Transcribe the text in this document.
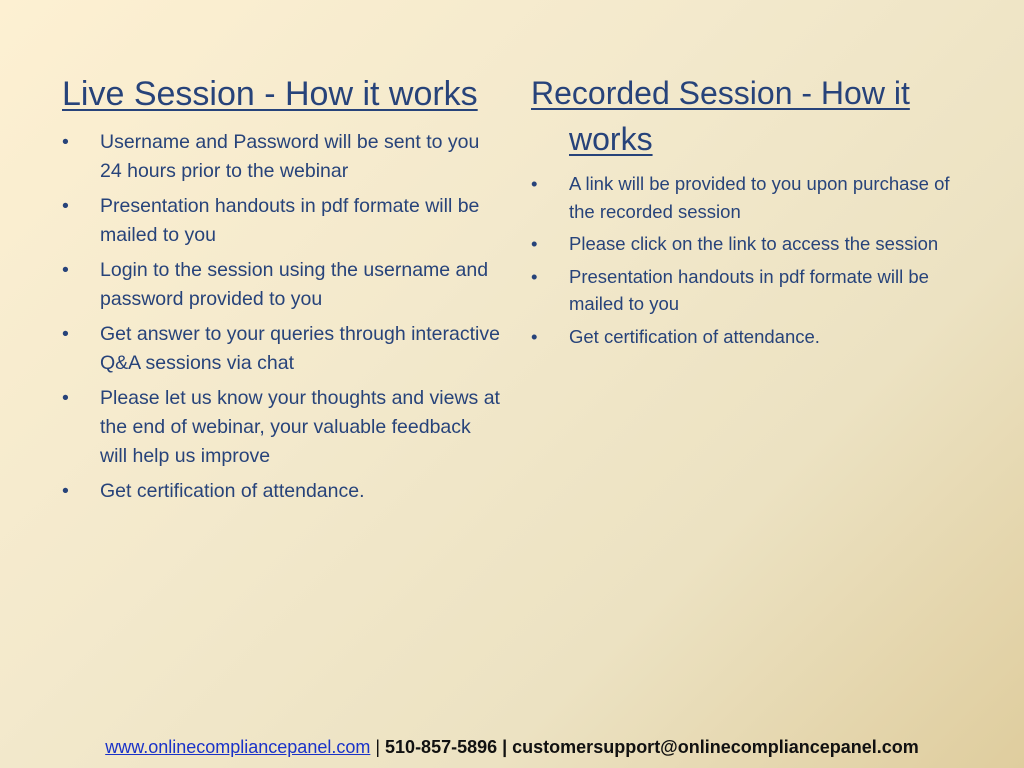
Live Session - How it works
•	Username and Password will be sent to you 24 hours prior to the webinar
•	Presentation handouts in pdf formate will be mailed to you
•	Login to the session using the username and password provided to you
•	Get answer to your queries through interactive Q&A sessions via chat
•	Please let us know your thoughts and views at the end of webinar, your valuable feedback will help us improve
•	Get certification of attendance.
Recorded Session - How it works
•	A link will be provided to you upon purchase of the recorded session
•	Please click on the link to access the session
•	Presentation handouts in pdf formate will be mailed to you
•	Get certification of attendance.
www.onlinecompliancepanel.com | 510-857-5896 | customersupport@onlinecompliancepanel.com
